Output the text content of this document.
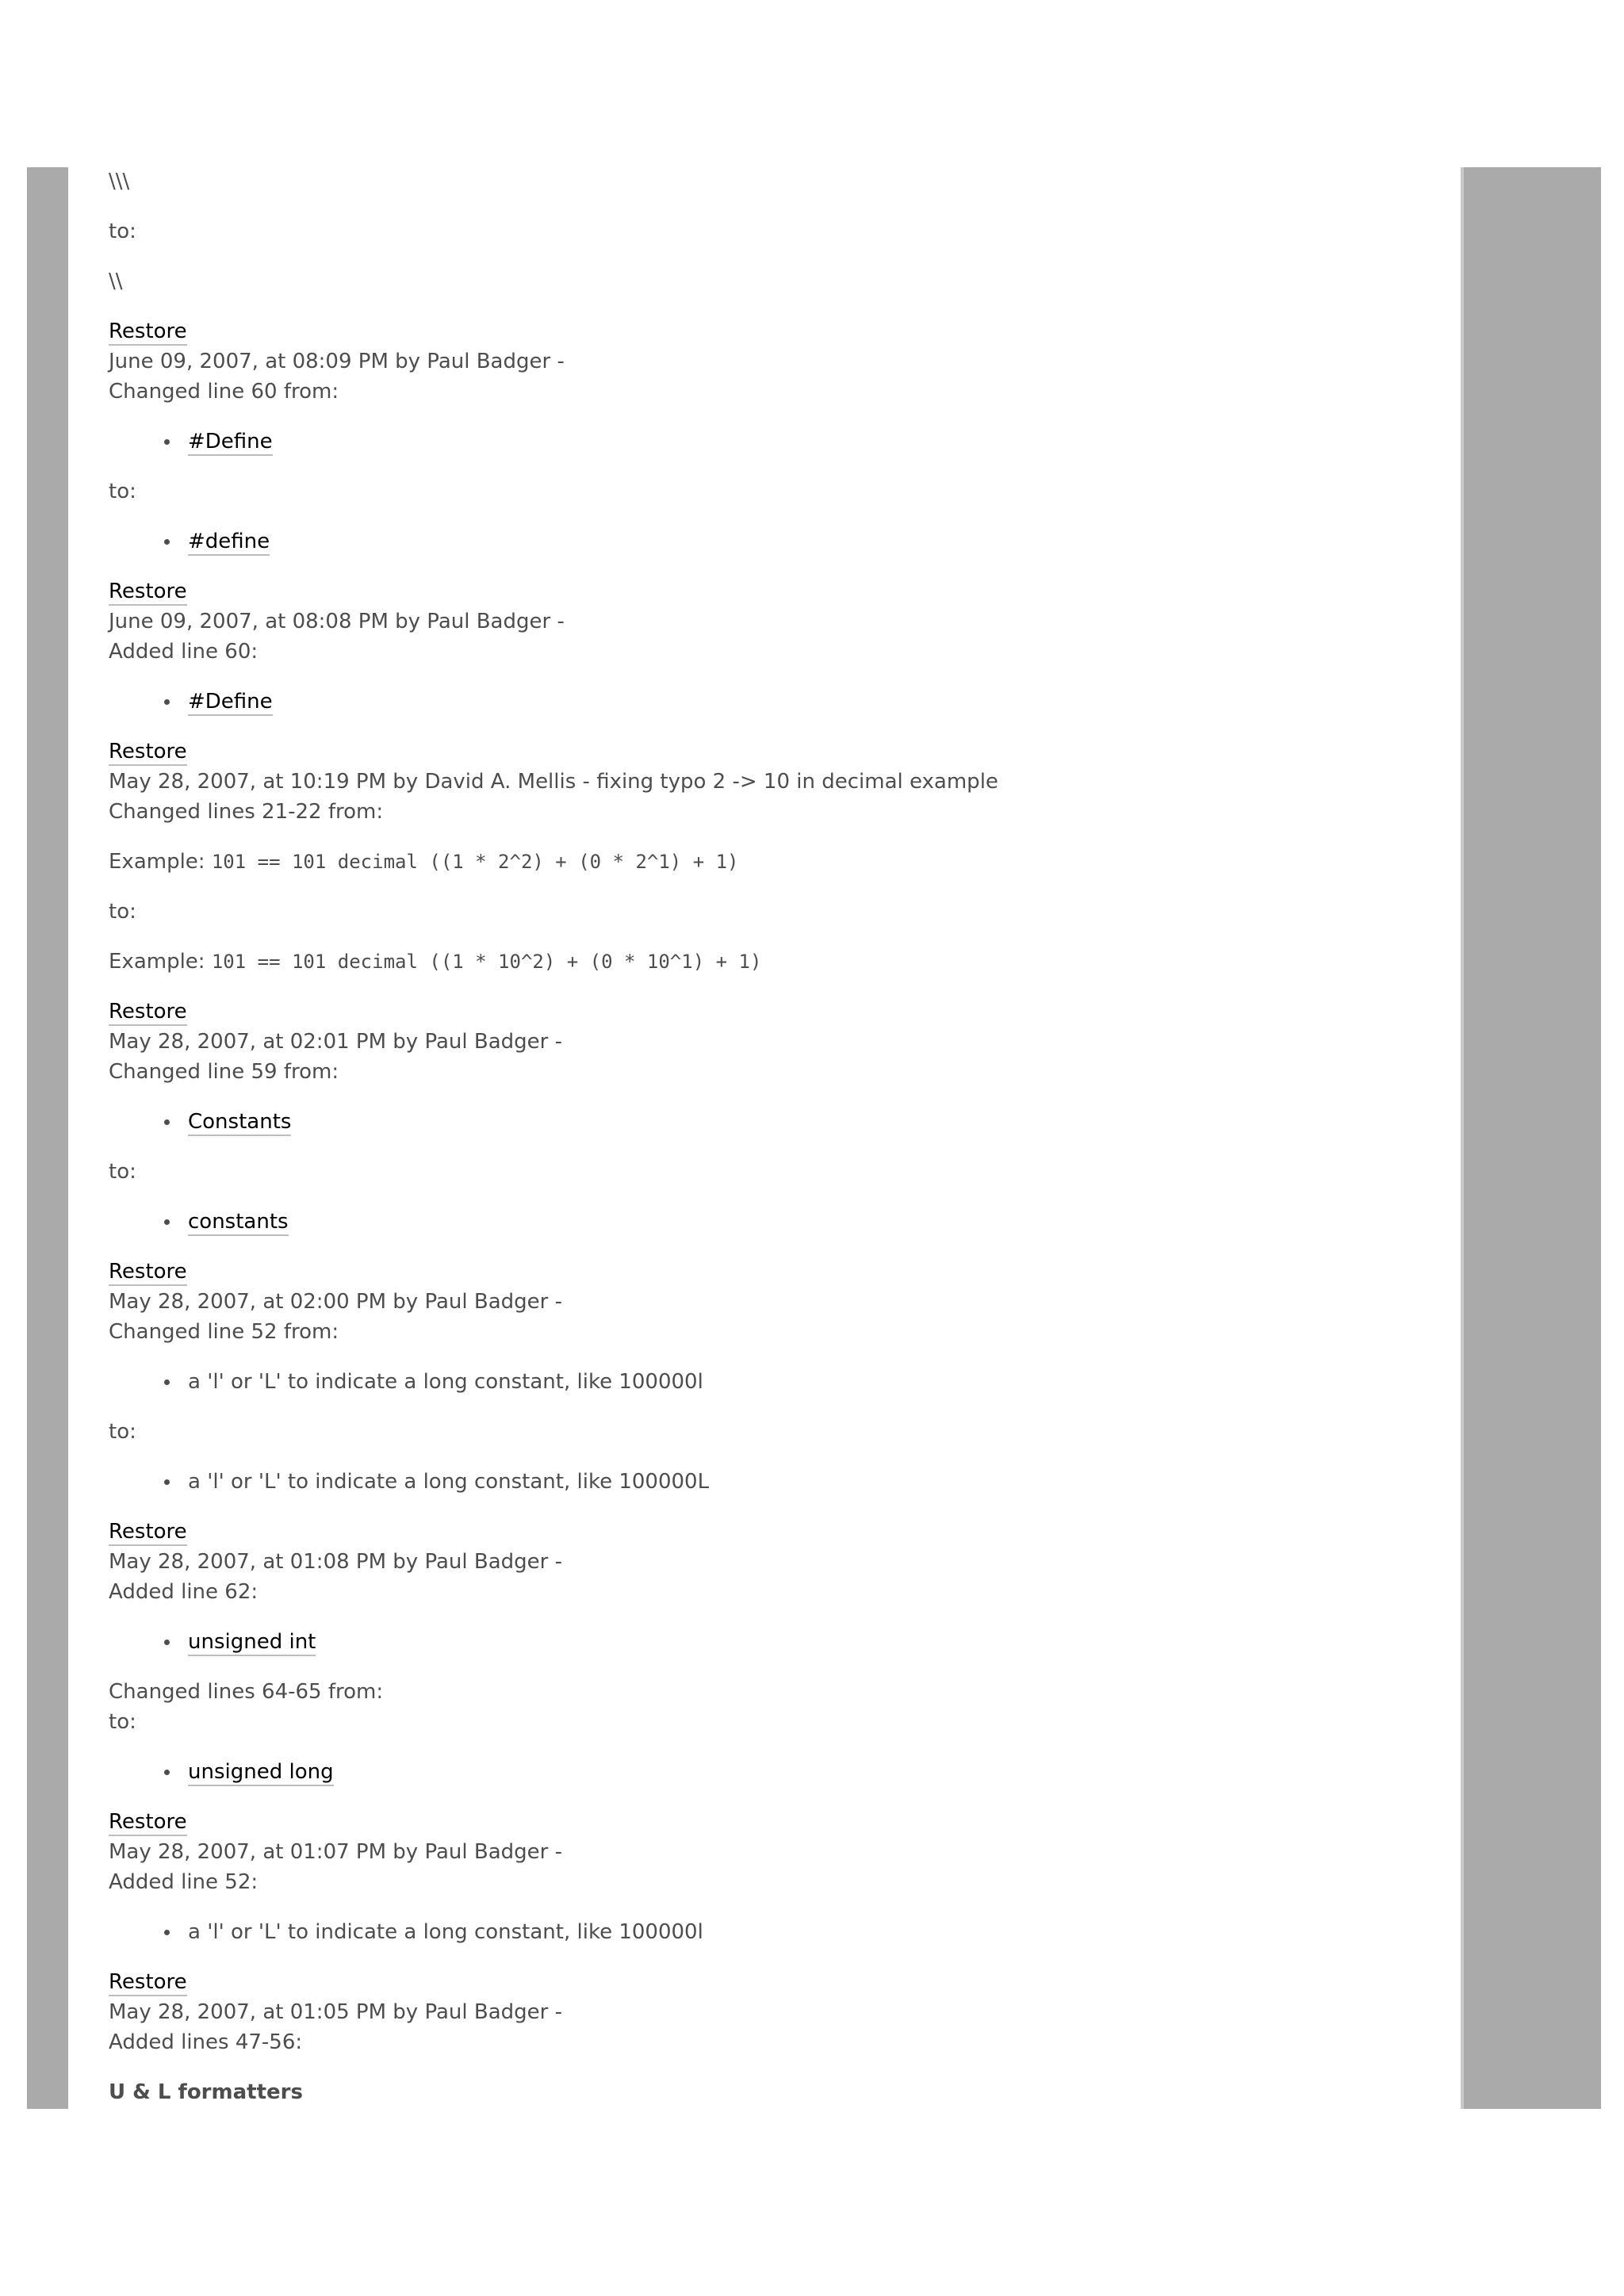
\\\

to:

\\

Restore

June 09, 2007, at 08:09 PM by Paul Badger -

Changed line 60 from:

#Define

to:

#define

Restore

June 09, 2007, at 08:08 PM by Paul Badger -

Added line 60:

#Define

Restore

May 28, 2007, at 10:19 PM by David A. Mellis - fixing typo 2 -> 10 in decimal example

Changed lines 21-22 from:

Example: 101 == 101 decimal ((1 * 2^2) + (0 * 2^1) + 1)

to:

Example: 101 == 101 decimal ((1 * 10^2) + (0 * 10^1) + 1)

Restore

May 28, 2007, at 02:01 PM by Paul Badger -

Changed line 59 from:

Constants

to:

constants

Restore

May 28, 2007, at 02:00 PM by Paul Badger -

Changed line 52 from:

a 'l' or 'L' to indicate a long constant, like 100000l

to:

a 'l' or 'L' to indicate a long constant, like 100000L

Restore

May 28, 2007, at 01:08 PM by Paul Badger -

Added line 62:

unsigned int

Changed lines 64-65 from:

to:

unsigned long

Restore

May 28, 2007, at 01:07 PM by Paul Badger -

Added line 52:

a 'l' or 'L' to indicate a long constant, like 100000l

Restore

May 28, 2007, at 01:05 PM by Paul Badger -

Added lines 47-56:

U & L formatters
